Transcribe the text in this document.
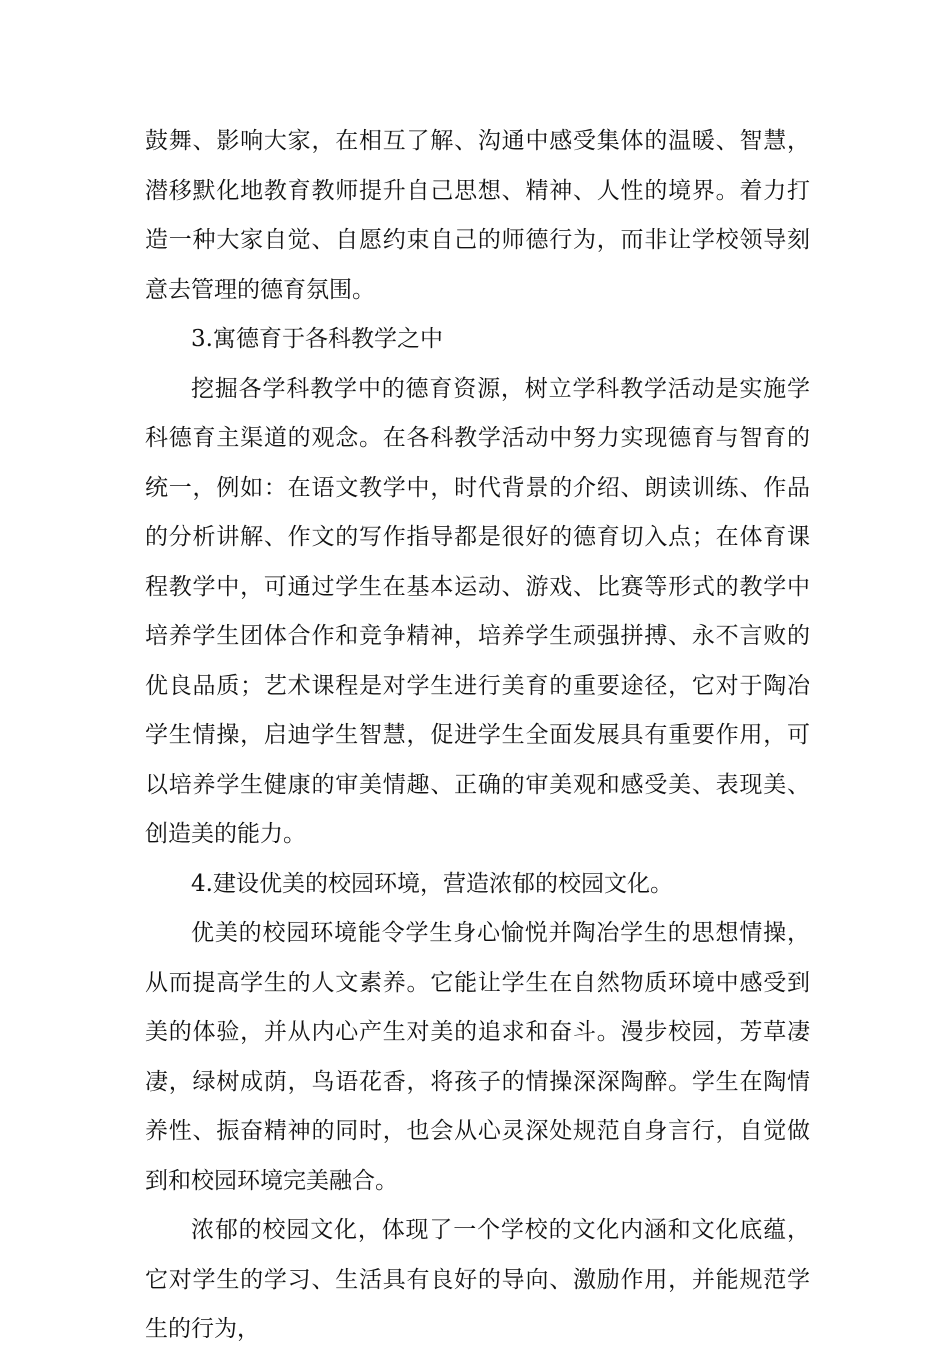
鼓舞、影响大家，在相互了解、沟通中感受集体的温暖、智慧，潜移默化地教育教师提升自己思想、精神、人性的境界。着力打造一种大家自觉、自愿约束自己的师德行为，而非让学校领导刻意去管理的德育氛围。

3.寓德育于各科教学之中

挖掘各学科教学中的德育资源，树立学科教学活动是实施学科德育主渠道的观念。在各科教学活动中努力实现德育与智育的统一，例如：在语文教学中，时代背景的介绍、朗读训练、作品的分析讲解、作文的写作指导都是很好的德育切入点；在体育课程教学中，可通过学生在基本运动、游戏、比赛等形式的教学中培养学生团体合作和竞争精神，培养学生顽强拼搏、永不言败的优良品质；艺术课程是对学生进行美育的重要途径，它对于陶冶学生情操，启迪学生智慧，促进学生全面发展具有重要作用，可以培养学生健康的审美情趣、正确的审美观和感受美、表现美、创造美的能力。

4.建设优美的校园环境，营造浓郁的校园文化。

优美的校园环境能令学生身心愉悦并陶冶学生的思想情操，从而提高学生的人文素养。它能让学生在自然物质环境中感受到美的体验，并从内心产生对美的追求和奋斗。漫步校园，芳草凄凄，绿树成荫，鸟语花香，将孩子的情操深深陶醉。学生在陶情养性、振奋精神的同时，也会从心灵深处规范自身言行，自觉做到和校园环境完美融合。

浓郁的校园文化，体现了一个学校的文化内涵和文化底蕴，它对学生的学习、生活具有良好的导向、激励作用，并能规范学生的行为，
